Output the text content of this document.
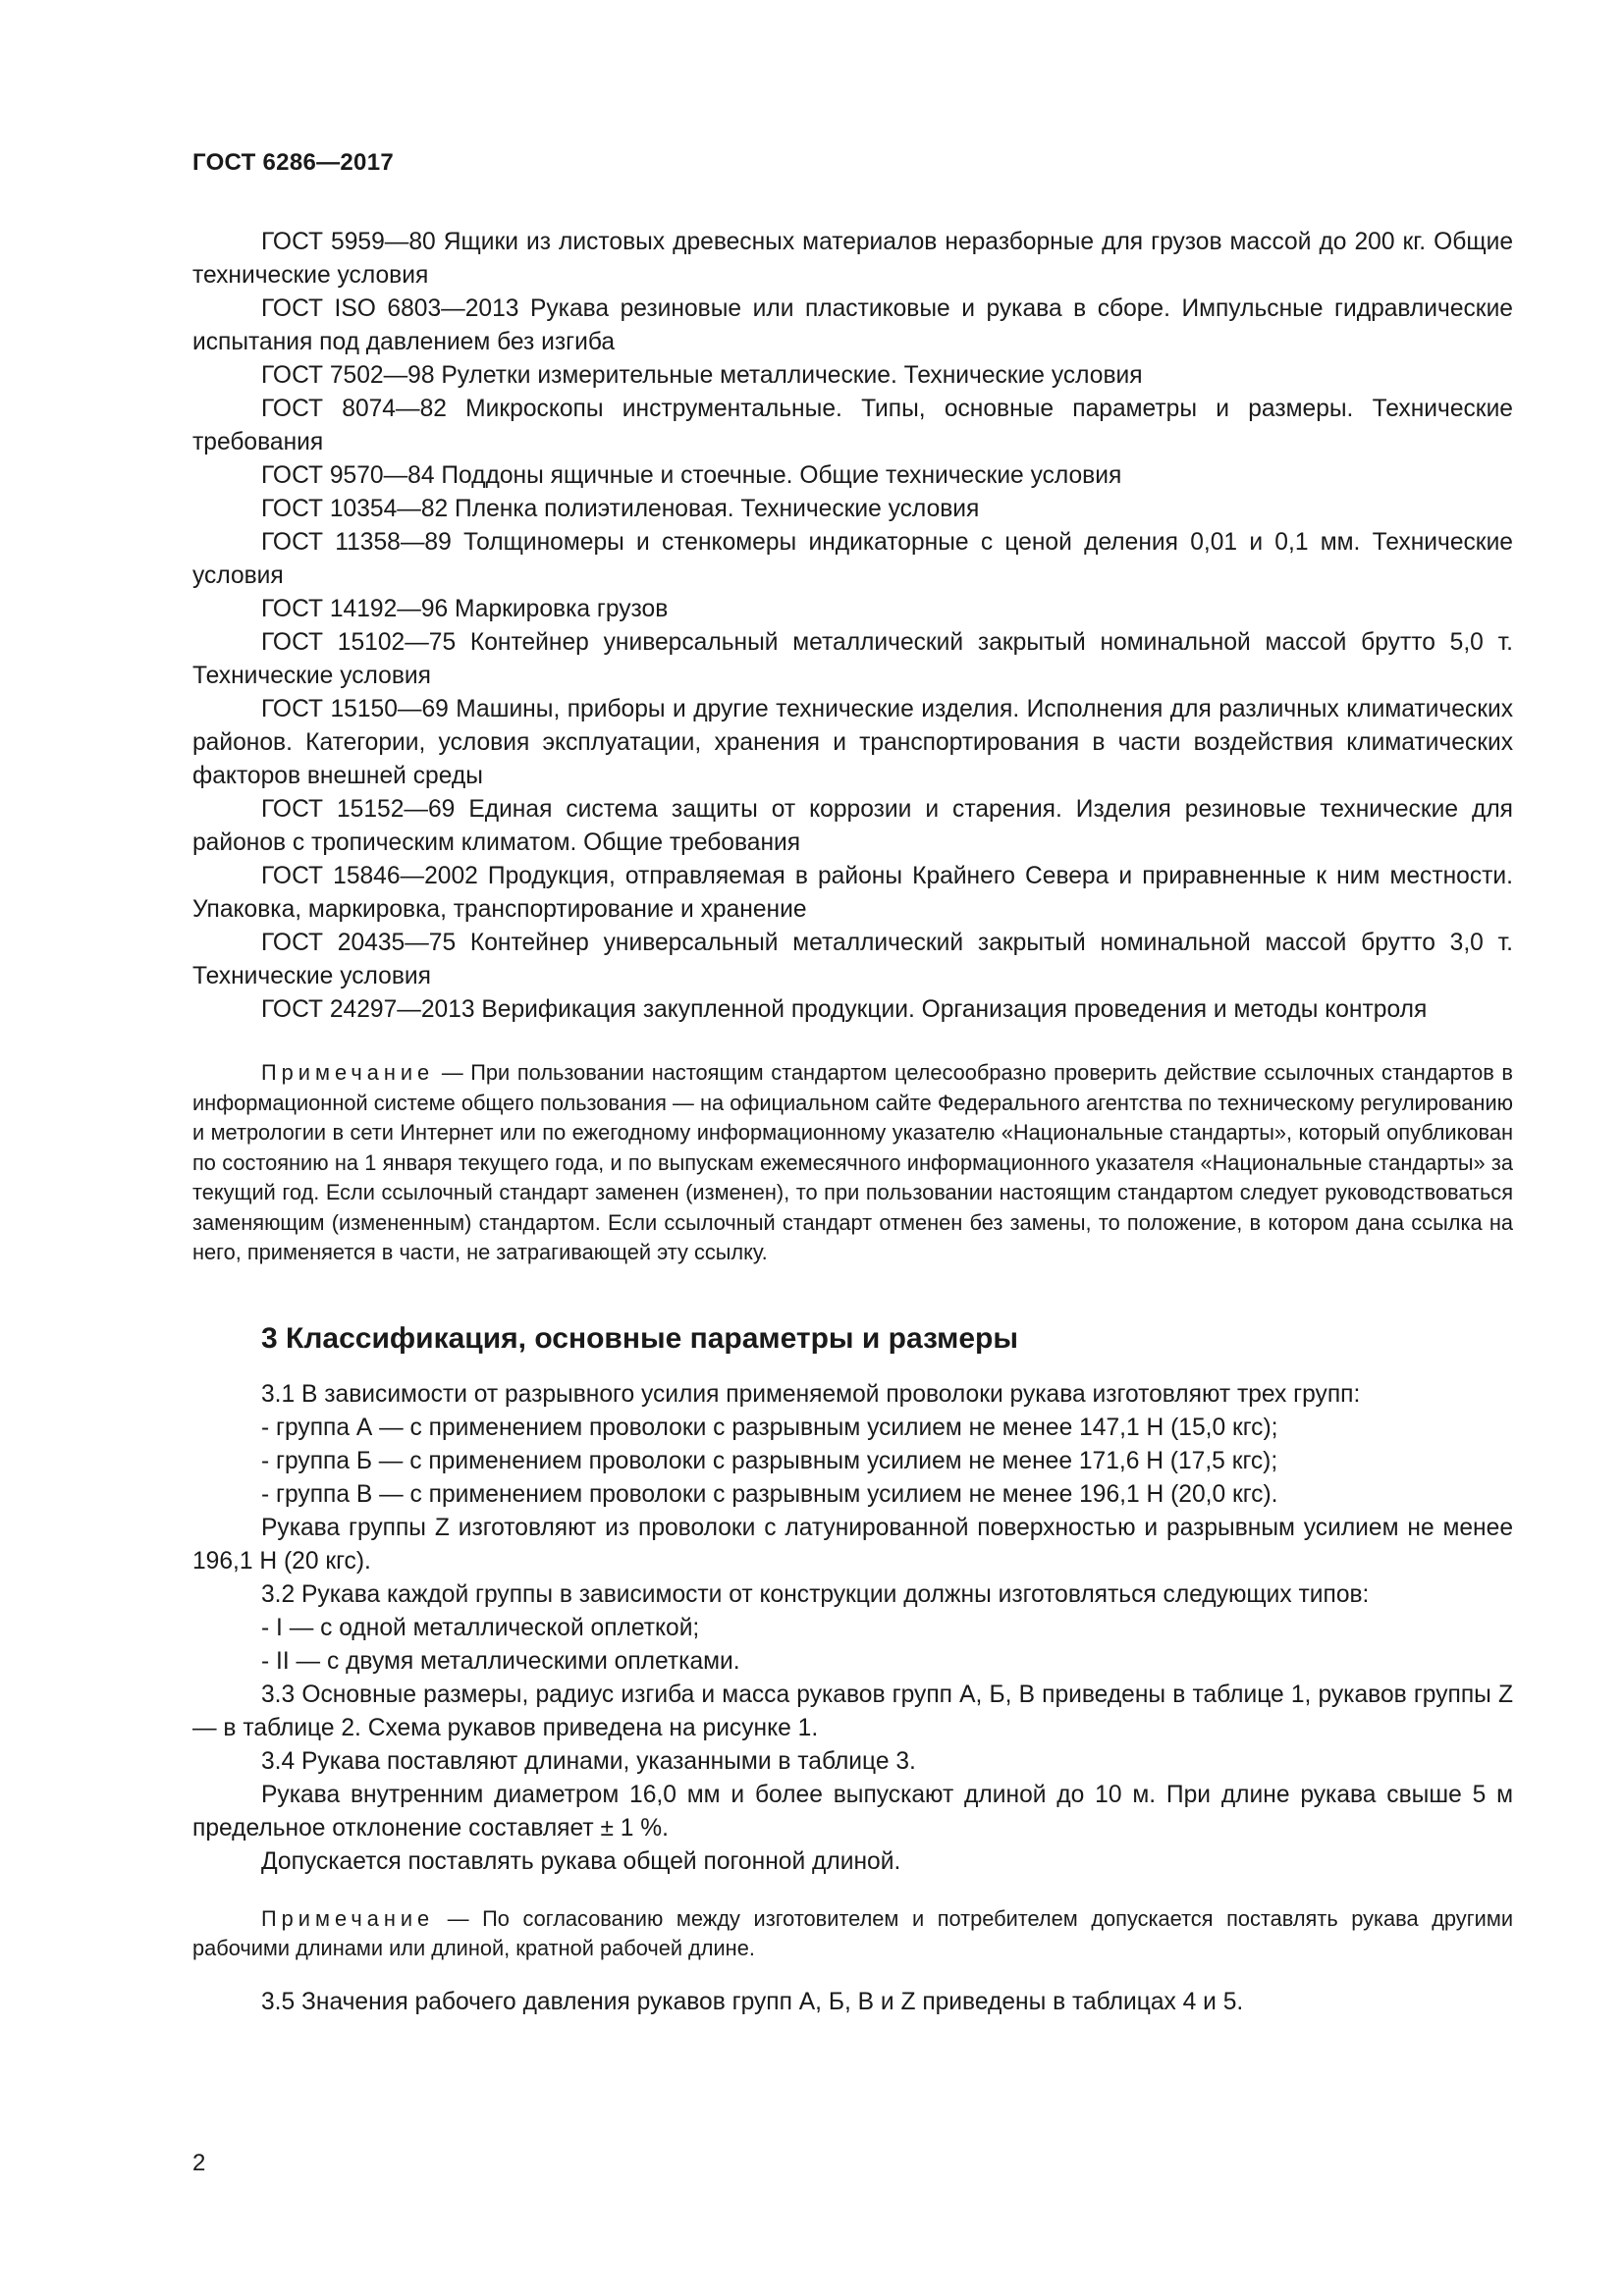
ГОСТ 6286—2017

ГОСТ 5959—80 Ящики из листовых древесных материалов неразборные для грузов массой до 200 кг. Общие технические условия

ГОСТ ISO 6803—2013 Рукава резиновые или пластиковые и рукава в сборе. Импульсные гидравлические испытания под давлением без изгиба

ГОСТ 7502—98 Рулетки измерительные металлические. Технические условия

ГОСТ 8074—82 Микроскопы инструментальные. Типы, основные параметры и размеры. Технические требования

ГОСТ 9570—84 Поддоны ящичные и стоечные. Общие технические условия

ГОСТ 10354—82 Пленка полиэтиленовая. Технические условия

ГОСТ 11358—89 Толщиномеры и стенкомеры индикаторные с ценой деления 0,01 и 0,1 мм. Технические условия

ГОСТ 14192—96 Маркировка грузов

ГОСТ 15102—75 Контейнер универсальный металлический закрытый номинальной массой брутто 5,0 т. Технические условия

ГОСТ 15150—69 Машины, приборы и другие технические изделия. Исполнения для различных климатических районов. Категории, условия эксплуатации, хранения и транспортирования в части воздействия климатических факторов внешней среды

ГОСТ 15152—69 Единая система защиты от коррозии и старения. Изделия резиновые технические для районов с тропическим климатом. Общие требования

ГОСТ 15846—2002 Продукция, отправляемая в районы Крайнего Севера и приравненные к ним местности. Упаковка, маркировка, транспортирование и хранение

ГОСТ 20435—75 Контейнер универсальный металлический закрытый номинальной массой брутто 3,0 т. Технические условия

ГОСТ 24297—2013 Верификация закупленной продукции. Организация проведения и методы контроля

Примечание — При пользовании настоящим стандартом целесообразно проверить действие ссылочных стандартов в информационной системе общего пользования — на официальном сайте Федерального агентства по техническому регулированию и метрологии в сети Интернет или по ежегодному информационному указателю «Национальные стандарты», который опубликован по состоянию на 1 января текущего года, и по выпускам ежемесячного информационного указателя «Национальные стандарты» за текущий год. Если ссылочный стандарт заменен (изменен), то при пользовании настоящим стандартом следует руководствоваться заменяющим (измененным) стандартом. Если ссылочный стандарт отменен без замены, то положение, в котором дана ссылка на него, применяется в части, не затрагивающей эту ссылку.
3 Классификация, основные параметры и размеры

3.1 В зависимости от разрывного усилия применяемой проволоки рукава изготовляют трех групп:

- группа А — с применением проволоки с разрывным усилием не менее 147,1 Н (15,0 кгс);

- группа Б — с применением проволоки с разрывным усилием не менее 171,6 Н (17,5 кгс);

- группа В — с применением проволоки с разрывным усилием не менее 196,1 Н (20,0 кгс).

Рукава группы Z изготовляют из проволоки с латунированной поверхностью и разрывным усилием не менее 196,1 Н (20 кгс).

3.2 Рукава каждой группы в зависимости от конструкции должны изготовляться следующих типов:

- I — с одной металлической оплеткой;

- II — с двумя металлическими оплетками.

3.3 Основные размеры, радиус изгиба и масса рукавов групп А, Б, В приведены в таблице 1, рукавов группы Z — в таблице 2. Схема рукавов приведена на рисунке 1.

3.4 Рукава поставляют длинами, указанными в таблице 3.

Рукава внутренним диаметром 16,0 мм и более выпускают длиной до 10 м. При длине рукава свыше 5 м предельное отклонение составляет ± 1 %.

Допускается поставлять рукава общей погонной длиной.

Примечание — По согласованию между изготовителем и потребителем допускается поставлять рукава другими рабочими длинами или длиной, кратной рабочей длине.

3.5 Значения рабочего давления рукавов групп А, Б, В и Z приведены в таблицах 4 и 5.

2
